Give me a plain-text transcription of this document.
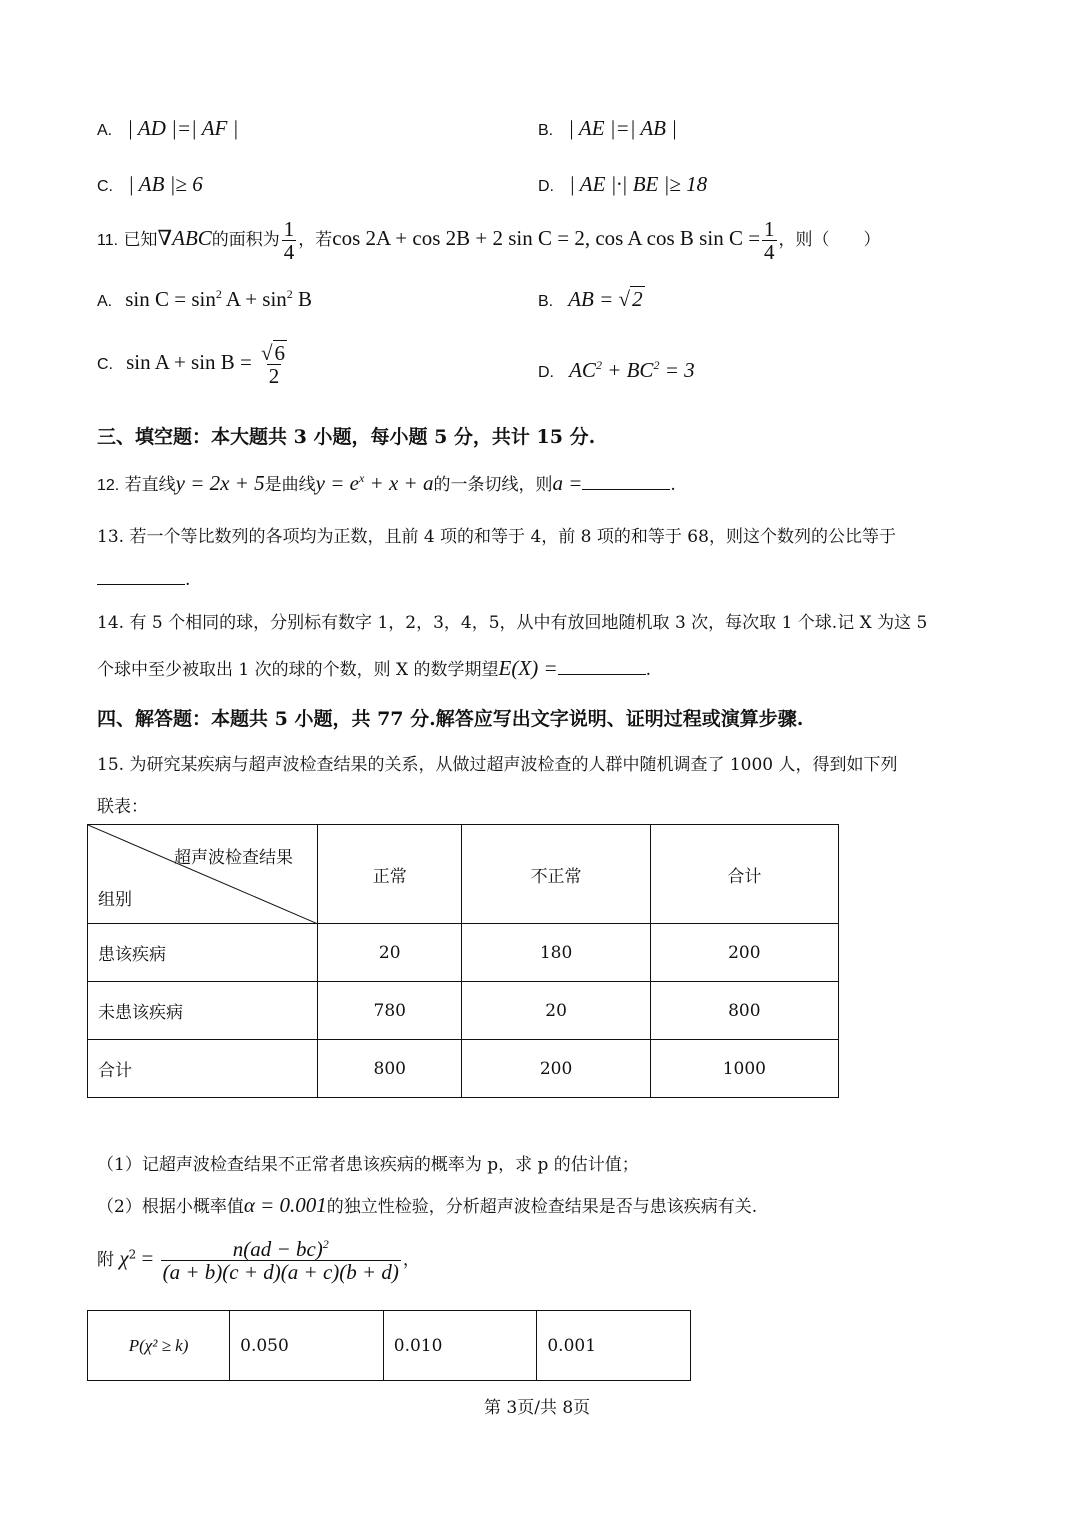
A. | AD |=| AF |	B. | AE |=| AB |
C. | AB |≥ 6	D. | AE |·| BE |≥ 18
11. 已知∇ABC的面积为 $\frac{1}{4}$ ，若cos 2A + cos 2B + 2 sin C = 2, cos A cos B $\sin C = \frac{1}{4}$ ，则（　　）
A. $\sin C = \sin^2 A + \sin^2 B$	B. AB = √2
C. $\sin A + \sin B = \frac{√6}{2}$	D. $AC^2 + BC^2 = 3$
三、填空题：本大题共 3 小题，每小题 5 分，共计 15 分.
12. 若直线y = 2x + 5是曲线$y = e^x + x + a$的一条切线，则a =	.
13. 若一个等比数列的各项均为正数，且前 4 项的和等于 4，前 8 项的和等于 68，则这个数列的公比等于
.
14. 有 5 个相同的球，分别标有数字 1，2，3，4，5，从中有放回地随机取 3 次，每次取 1 个球.记 X 为这 5
个球中至少被取出 1 次的球的个数，则 X 的数学期望E(X) =	.
四、解答题：本题共 5 小题，共 77 分.解答应写出文字说明、证明过程或演算步骤.
15. 为研究某疾病与超声波检查结果的关系，从做过超声波检查的人群中随机调查了 1000 人，得到如下列
联表：
超声波检查结果
组别	正常	不正常	合计
患该疾病	20	180	200
未患该疾病	780	20	800
合计	800	200	1000
（1）记超声波检查结果不正常者患该疾病的概率为 p，求 p 的估计值；
（2）根据小概率值α = 0.001的独立性检验，分析超声波检查结果是否与患该疾病有关.
附 $\chi^2 = \frac{n(ad - bc)^2}{(a + b)(c + d)(a + c)(b + d)}$ ，
P(χ² ≥ k)	0.050	0.010	0.001
第 3页/共 8页
